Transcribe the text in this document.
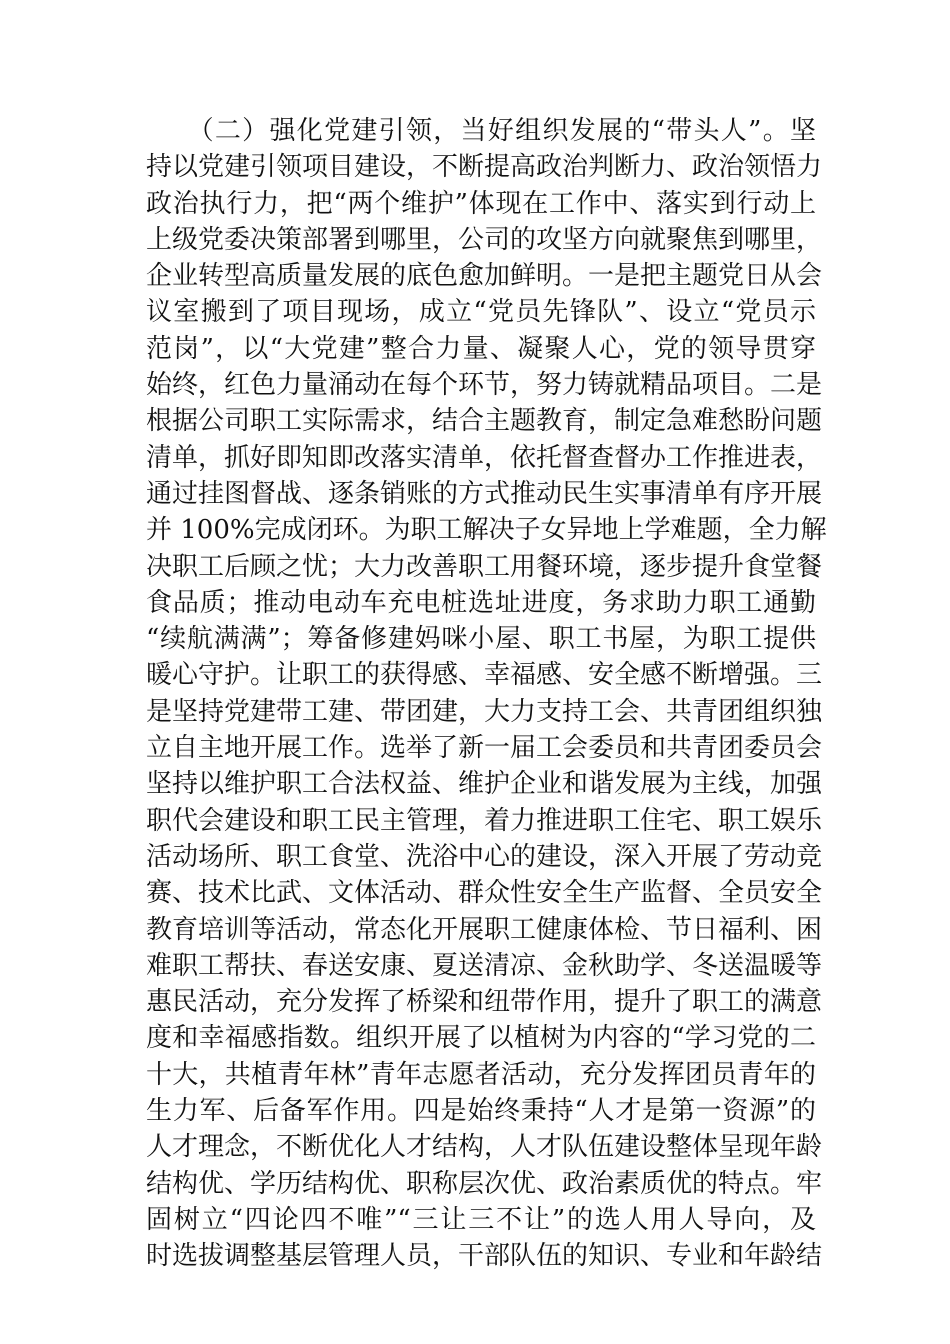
　　（二）强化党建引领，当好组织发展的“带头人”。坚
持以党建引领项目建设，不断提高政治判断力、政治领悟力
政治执行力，把“两个维护”体现在工作中、落实到行动上
上级党委决策部署到哪里，公司的攻坚方向就聚焦到哪里，
企业转型高质量发展的底色愈加鲜明。一是把主题党日从会
议室搬到了项目现场，成立“党员先锋队”、设立“党员示
范岗”，以“大党建”整合力量、凝聚人心，党的领导贯穿
始终，红色力量涌动在每个环节，努力铸就精品项目。二是
根据公司职工实际需求，结合主题教育，制定急难愁盼问题
清单，抓好即知即改落实清单，依托督查督办工作推进表，
通过挂图督战、逐条销账的方式推动民生实事清单有序开展
并 100%完成闭环。为职工解决子女异地上学难题，全力解
决职工后顾之忧；大力改善职工用餐环境，逐步提升食堂餐
食品质；推动电动车充电桩选址进度，务求助力职工通勤
“续航满满”；筹备修建妈咪小屋、职工书屋，为职工提供
暖心守护。让职工的获得感、幸福感、安全感不断增强。三
是坚持党建带工建、带团建，大力支持工会、共青团组织独
立自主地开展工作。选举了新一届工会委员和共青团委员会
坚持以维护职工合法权益、维护企业和谐发展为主线，加强
职代会建设和职工民主管理，着力推进职工住宅、职工娱乐
活动场所、职工食堂、洗浴中心的建设，深入开展了劳动竞
赛、技术比武、文体活动、群众性安全生产监督、全员安全
教育培训等活动，常态化开展职工健康体检、节日福利、困
难职工帮扶、春送安康、夏送清凉、金秋助学、冬送温暖等
惠民活动，充分发挥了桥梁和纽带作用，提升了职工的满意
度和幸福感指数。组织开展了以植树为内容的“学习党的二
十大，共植青年林”青年志愿者活动，充分发挥团员青年的
生力军、后备军作用。四是始终秉持“人才是第一资源”的
人才理念，不断优化人才结构，人才队伍建设整体呈现年龄
结构优、学历结构优、职称层次优、政治素质优的特点。牢
固树立“四论四不唯”“三让三不让”的选人用人导向，及
时选拔调整基层管理人员，干部队伍的知识、专业和年龄结
